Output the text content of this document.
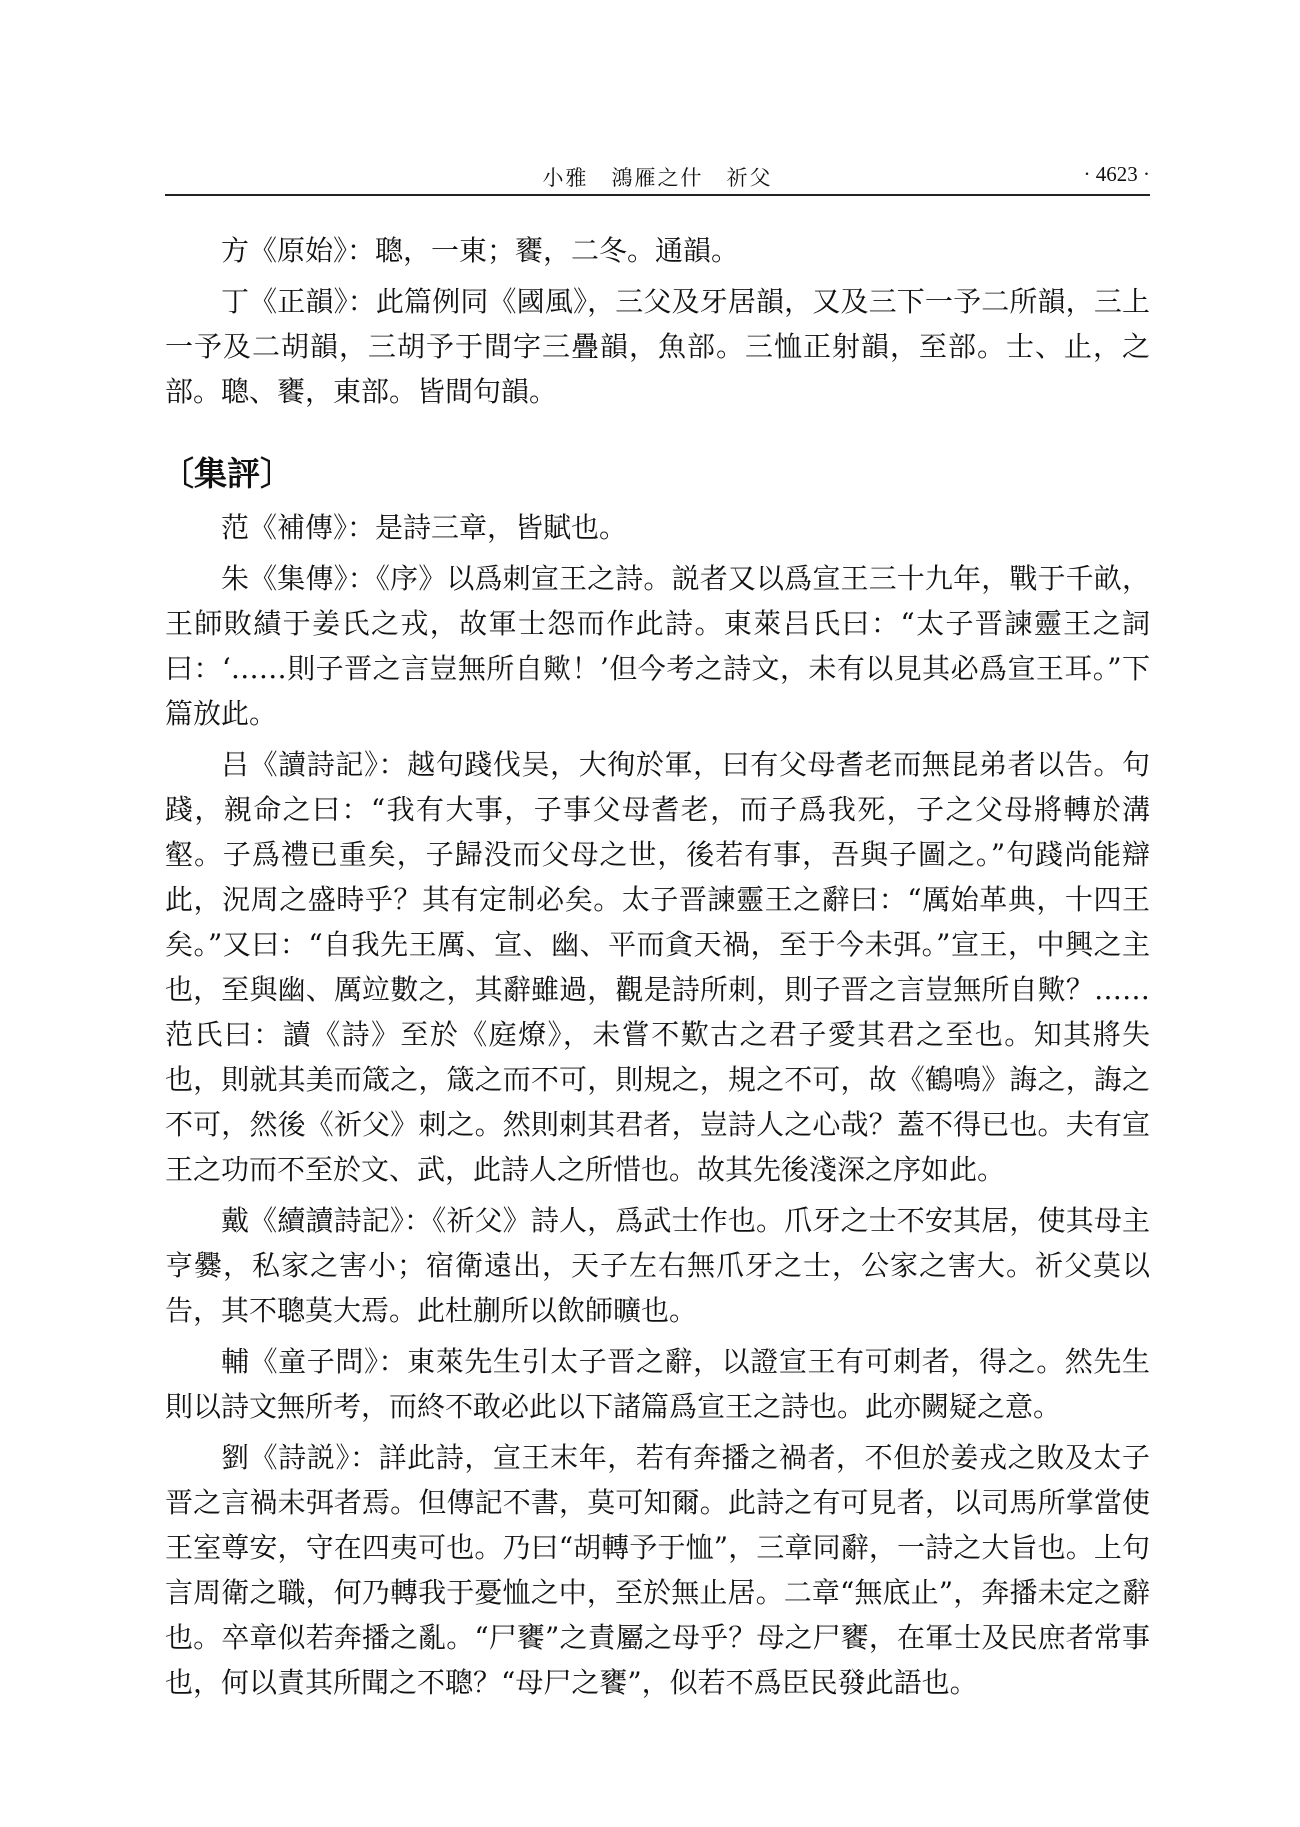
小雅　鴻雁之什　祈父	· 4623 ·

方《原始》：聰，一東；饔，二冬。通韻。

丁《正韻》：此篇例同《國風》，三父及牙居韻，又及三下一予二所韻，三上一予及二胡韻，三胡予于間字三疊韻，魚部。三恤正射韻，至部。士、止，之部。聰、饔，東部。皆間句韻。

〔集評〕

范《補傳》：是詩三章，皆賦也。

朱《集傳》：《序》以爲刺宣王之詩。説者又以爲宣王三十九年，戰于千畝，王師敗績于姜氏之戎，故軍士怨而作此詩。東萊吕氏曰：“太子晋諫靈王之詞曰：‘……則子晋之言豈無所自歟！’但今考之詩文，未有以見其必爲宣王耳。”下篇放此。

吕《讀詩記》：越句踐伐吴，大徇於軍，曰有父母耆老而無昆弟者以告。句踐，親命之曰：“我有大事，子事父母耆老，而子爲我死，子之父母將轉於溝壑。子爲禮已重矣，子歸没而父母之世，後若有事，吾與子圖之。”句踐尚能辯此，況周之盛時乎？其有定制必矣。太子晋諫靈王之辭曰：“厲始革典，十四王矣。”又曰：“自我先王厲、宣、幽、平而貪天禍，至于今未弭。”宣王，中興之主也，至與幽、厲竝數之，其辭雖過，觀是詩所刺，則子晋之言豈無所自歟？……范氏曰：讀《詩》至於《庭燎》，未嘗不歎古之君子愛其君之至也。知其將失也，則就其美而箴之，箴之而不可，則規之，規之不可，故《鶴鳴》誨之，誨之不可，然後《祈父》刺之。然則刺其君者，豈詩人之心哉？蓋不得已也。夫有宣王之功而不至於文、武，此詩人之所惜也。故其先後淺深之序如此。

戴《續讀詩記》：《祈父》詩人，爲武士作也。爪牙之士不安其居，使其母主亨爨，私家之害小；宿衛遠出，天子左右無爪牙之士，公家之害大。祈父莫以告，其不聰莫大焉。此杜蒯所以飲師曠也。

輔《童子問》：東萊先生引太子晋之辭，以證宣王有可刺者，得之。然先生則以詩文無所考，而終不敢必此以下諸篇爲宣王之詩也。此亦闕疑之意。

劉《詩説》：詳此詩，宣王末年，若有奔播之禍者，不但於姜戎之敗及太子晋之言禍未弭者焉。但傳記不書，莫可知爾。此詩之有可見者，以司馬所掌當使王室尊安，守在四夷可也。乃曰“胡轉予于恤”，三章同辭，一詩之大旨也。上句言周衛之職，何乃轉我于憂恤之中，至於無止居。二章“無底止”，奔播未定之辭也。卒章似若奔播之亂。“尸饔”之責屬之母乎？母之尸饔，在軍士及民庶者常事也，何以責其所聞之不聰？“母尸之饔”，似若不爲臣民發此語也。
